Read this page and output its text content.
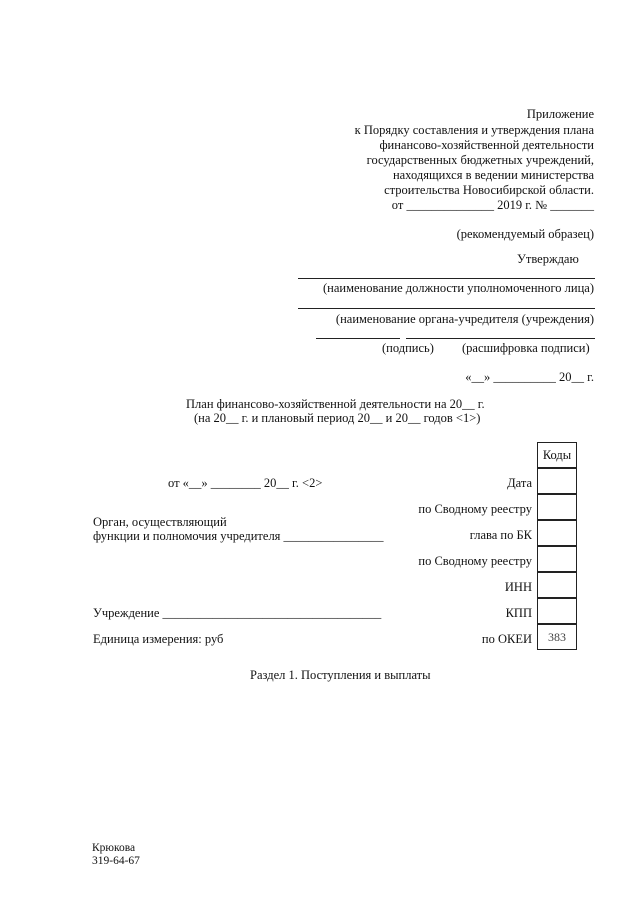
Приложение
к Порядку составления и утверждения плана
финансово-хозяйственной деятельности
государственных бюджетных учреждений,
находящихся в ведении министерства
строительства Новосибирской области.
от ______________ 2019 г. № _______
(рекомендуемый образец)
Утверждаю
(наименование должности уполномоченного лица)
(наименование органа-учредителя (учреждения)
(подпись) (расшифровка подписи)
«__» __________ 20__ г.
План финансово-хозяйственной деятельности на 20__ г.
(на 20__ г. и плановый период 20__ и 20__ годов <1>)
Коды
383
Дата
по Сводному реестру
глава по БК
по Сводному реестру
ИНН
КПП
по ОКЕИ
от «__» ________ 20__ г. <2>
Орган, осуществляющий
функции и полномочия учредителя ________________
Учреждение ___________________________________
Единица измерения: руб
Раздел 1. Поступления и выплаты
Крюкова
319-64-67
